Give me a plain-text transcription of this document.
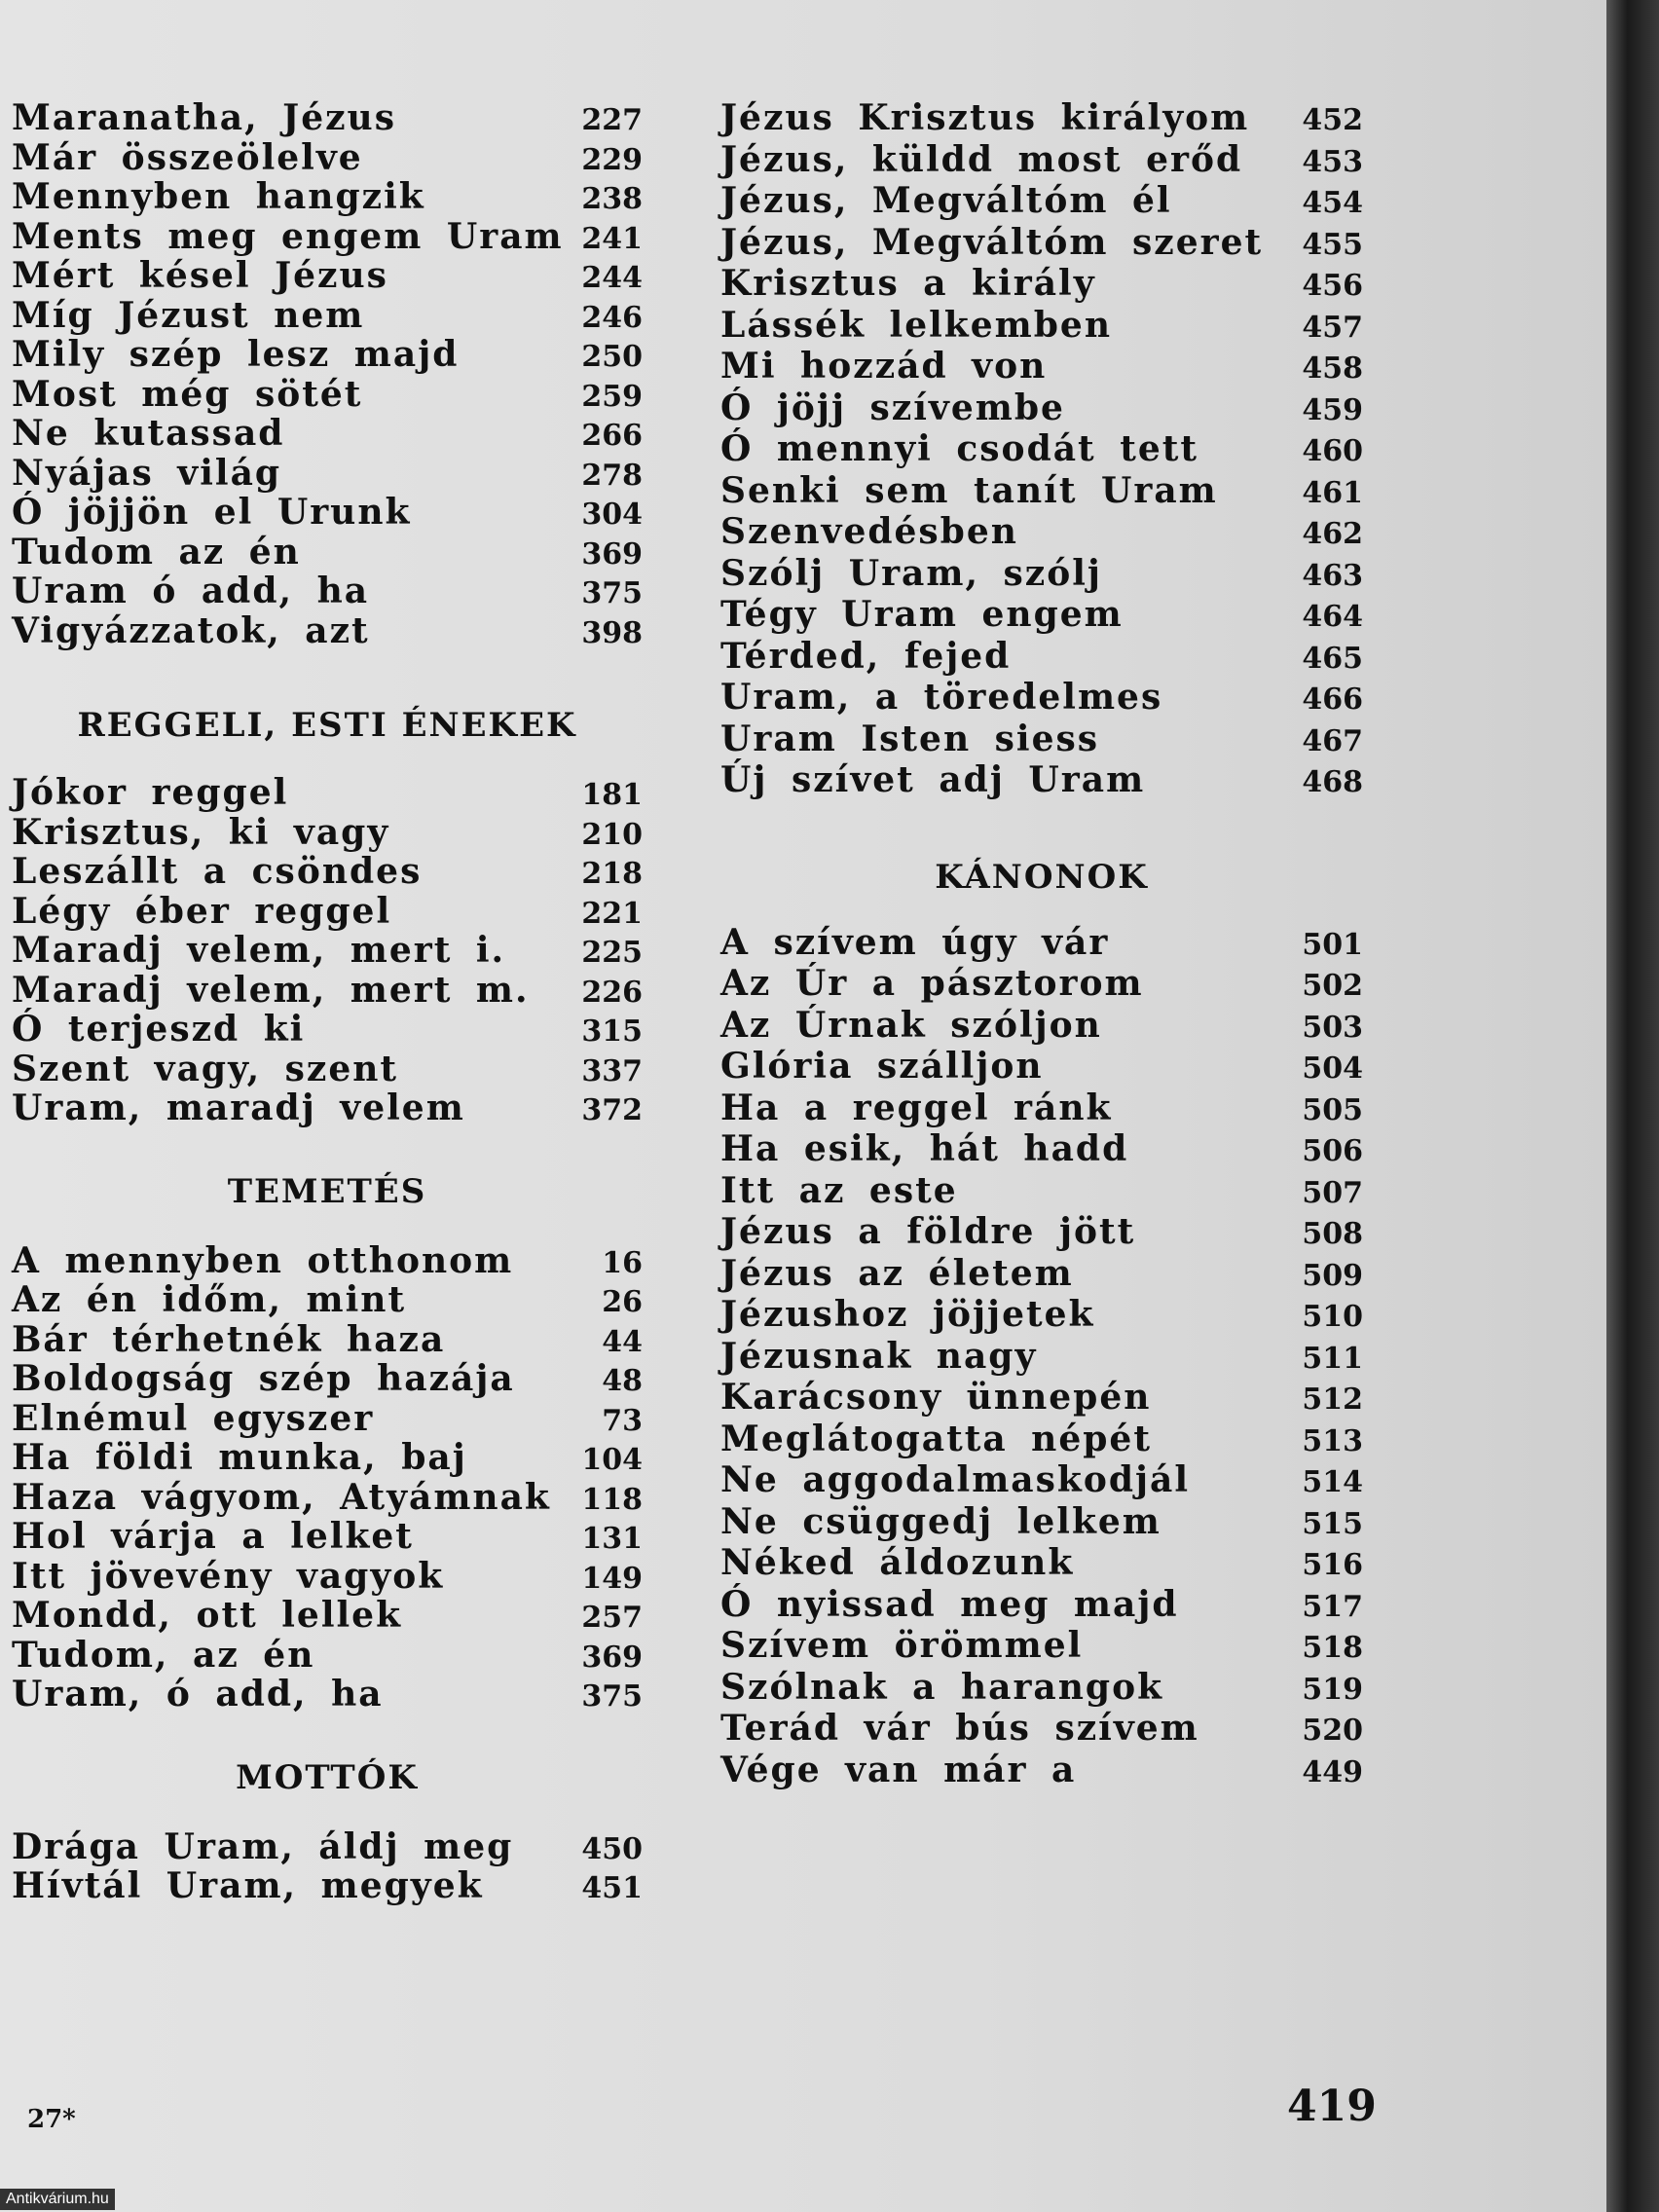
Maranatha, Jézus	227
Már összeölelve	229
Mennyben hangzik	238
Ments meg engem Uram 241
Mért késel Jézus	244
Míg Jézust nem	246
Mily szép lesz majd	250
Most még sötét	259
Ne kutassad	266
Nyájas világ	278
Ó jöjjön el Urunk	304
Tudom az én	369
Uram ó add, ha	375
Vigyázzatok, azt	398
REGGELI, ESTI ÉNEKEK
Jókor reggel	181
Krisztus, ki vagy	210
Leszállt a csöndes	218
Légy éber reggel	221
Maradj velem, mert i.	225
Maradj velem, mert m. 226
Ó terjeszd ki	315
Szent vagy, szent	337
Uram, maradj velem	372
TEMETÉS
A mennyben otthonom	16
Az én időm, mint	26
Bár térhetnék haza	44
Boldogság szép hazája	48
Elnémul egyszer	73
Ha földi munka, baj	104
Haza vágyom, Atyámnak 118
Hol várja a lelket	131
Itt jövevény vagyok	149
Mondd, ott lellek	257
Tudom, az én	369
Uram, ó add, ha	375
MOTTÓK
Drága Uram, áldj meg 450
Hívtál Uram, megyek	451
Jézus Krisztus királyom 452
Jézus, küldd most erőd 453
Jézus, Megváltóm él	454
Jézus, Megváltóm szeret 455
Krisztus a király	456
Lássék lelkemben	457
Mi hozzád von	458
Ó jöjj szívembe	459
Ó mennyi csodát tett	460
Senki sem tanít Uram	461
Szenvedésben	462
Szólj Uram, szólj	463
Tégy Uram engem	464
Térded, fejed	465
Uram, a töredelmes	466
Uram Isten siess	467
Új szívet adj Uram	468
KÁNONOK
A szívem úgy vár	501
Az Úr a pásztorom	502
Az Úrnak szóljon	503
Glória szálljon	504
Ha a reggel ránk	505
Ha esik, hát hadd	506
Itt az este	507
Jézus a földre jött	508
Jézus az életem	509
Jézushoz jöjjetek	510
Jézusnak nagy	511
Karácsony ünnepén	512
Meglátogatta népét	513
Ne aggodalmaskodjál	514
Ne csüggedj lelkem	515
Néked áldozunk	516
Ó nyissad meg majd	517
Szívem örömmel	518
Szólnak a harangok	519
Terád vár bús szívem	520
Vége van már a	449
27*	419
Antikvárium.hu
